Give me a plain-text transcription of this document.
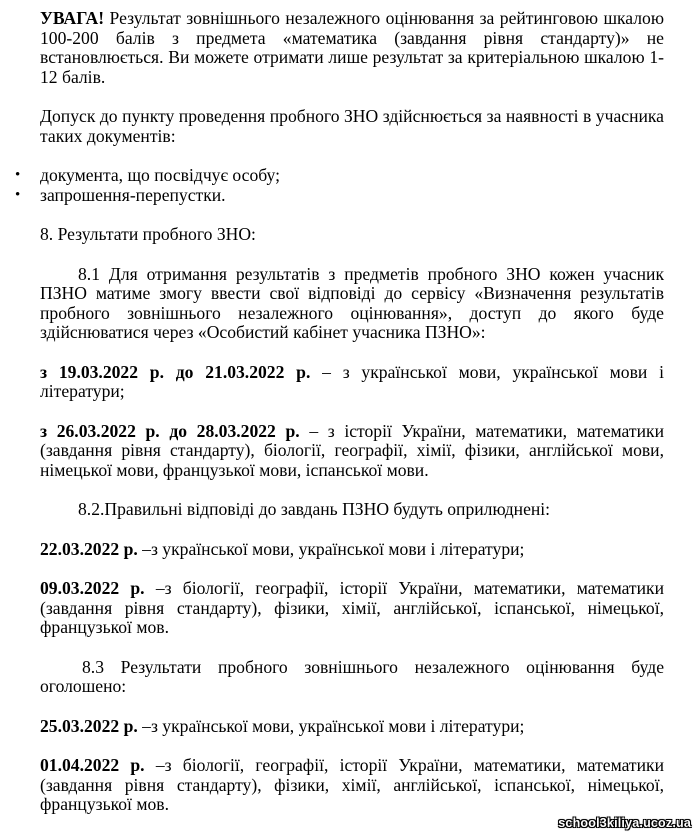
УВАГА! Результат зовнішнього незалежного оцінювання за рейтинговою шкалою 100-200 балів з предмета «математика (завдання рівня стандарту)» не встановлюється. Ви можете отримати лише результат за критеріальною шкалою 1-12 балів.

Допуск до пункту проведення пробного ЗНО здійснюється за наявності в учасника таких документів:

• документа, що посвідчує особу;
• запрошення-перепустки.

8. Результати пробного ЗНО:

8.1 Для отримання результатів з предметів пробного ЗНО кожен учасник ПЗНО матиме змогу ввести свої відповіді до сервісу «Визначення результатів пробного зовнішнього незалежного оцінювання», доступ до якого буде здійснюватися через «Особистий кабінет учасника ПЗНО»:

з 19.03.2022 р. до 21.03.2022 р. – з української мови, української мови і літератури;

з 26.03.2022 р. до 28.03.2022 р. – з історії України, математики, математики (завдання рівня стандарту), біології, географії, хімії, фізики, англійської мови, німецької мови, французької мови, іспанської мови.

8.2.Правильні відповіді до завдань ПЗНО будуть оприлюднені:

22.03.2022 р. –з української мови, української мови і літератури;

09.03.2022 р. –з біології, географії, історії України, математики, математики (завдання рівня стандарту), фізики, хімії, англійської, іспанської, німецької, французької мов.

8.3 Результати пробного зовнішнього незалежного оцінювання буде оголошено:

25.03.2022 р. –з української мови, української мови і літератури;

01.04.2022 р. –з біології, географії, історії України, математики, математики (завдання рівня стандарту), фізики, хімії, англійської, іспанської, німецької, французької мов.

school3kiliya.ucoz.ua
